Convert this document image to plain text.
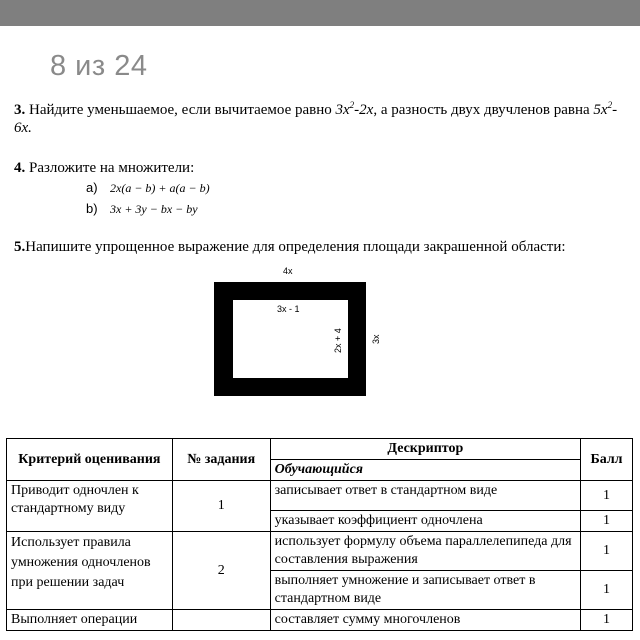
8 из 24
3. Найдите уменьшаемое, если вычитаемое равно $3x^2-2x$, а разность двух двучленов равна $5x^2-6x$.
4. Разложите на множители:
a) 2x(a − b) + a(a − b)
b) 3x + 3y − bx − by
5.Напишите упрощенное выражение для определения площади закрашенной области:
4x
3x - 1
2x + 4	3x
Критерий оценивания	№ задания	Дескриптор	Балл
		Обучающийся	
Приводит одночлен к стандартному виду	1	записывает ответ в стандартном виде	1
		указывает коэффициент одночлена	1
Использует правила умножения одночленов при решении задач	2	использует формулу объема параллелепипеда для составления выражения	1
		выполняет умножение и записывает ответ в стандартном виде	1
Выполняет операции		составляет сумму многочленов	1
